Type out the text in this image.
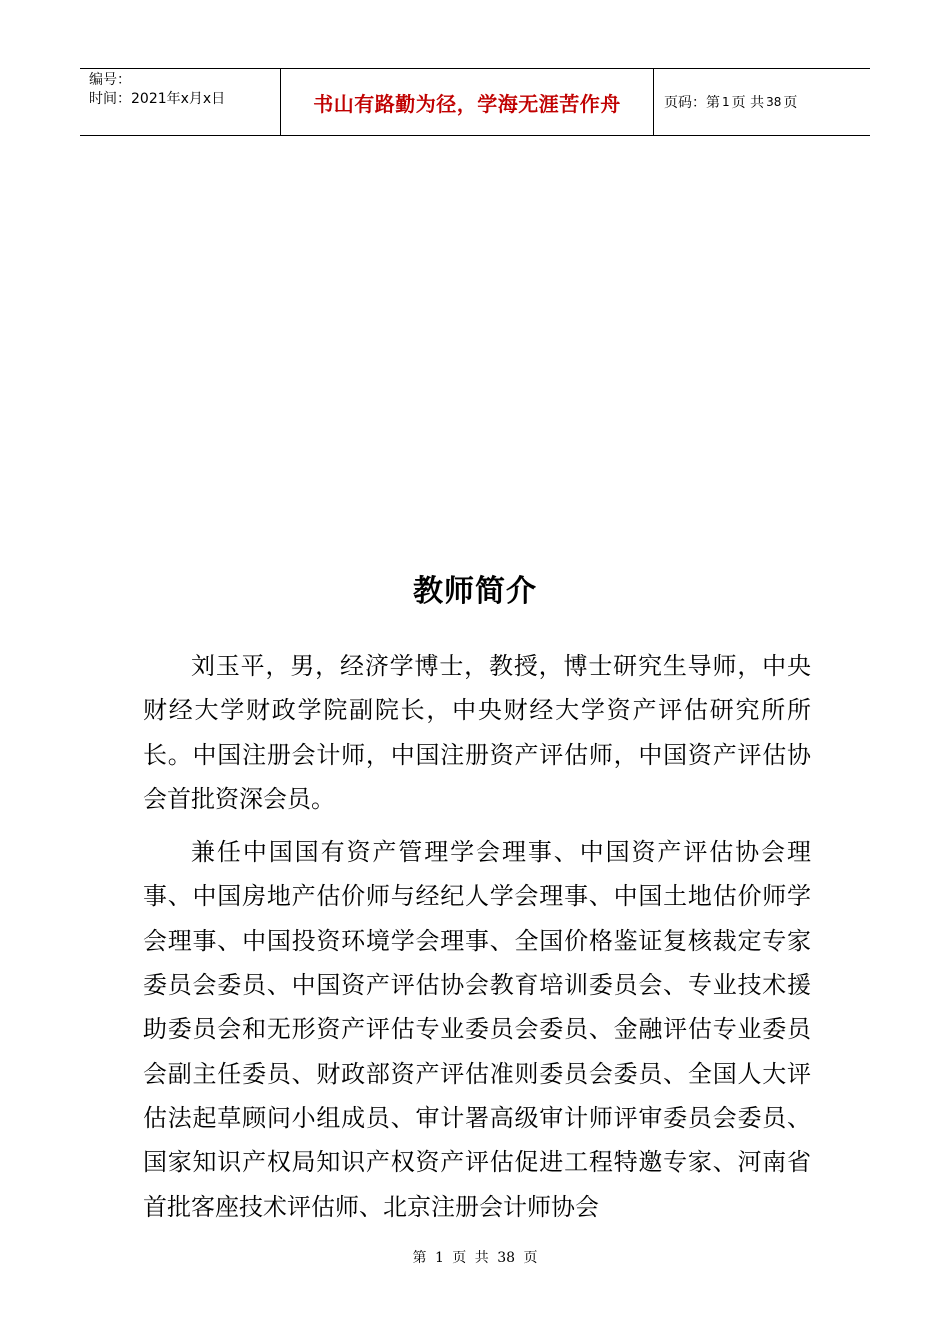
编号：
时间：2021年x月x日	书山有路勤为径，学海无涯苦作舟	页码：第 1 页 共 38 页
教师简介

刘玉平，男，经济学博士，教授，博士研究生导师，中央财经大学财政学院副院长，中央财经大学资产评估研究所所长。中国注册会计师，中国注册资产评估师，中国资产评估协会首批资深会员。

兼任中国国有资产管理学会理事、中国资产评估协会理事、中国房地产估价师与经纪人学会理事、中国土地估价师学会理事、中国投资环境学会理事、全国价格鉴证复核裁定专家委员会委员、中国资产评估协会教育培训委员会、专业技术援助委员会和无形资产评估专业委员会委员、金融评估专业委员会副主任委员、财政部资产评估准则委员会委员、全国人大评估法起草顾问小组成员、审计署高级审计师评审委员会委员、国家知识产权局知识产权资产评估促进工程特邀专家、河南省首批客座技术评估师、北京注册会计师协会

第 1 页 共 38 页
